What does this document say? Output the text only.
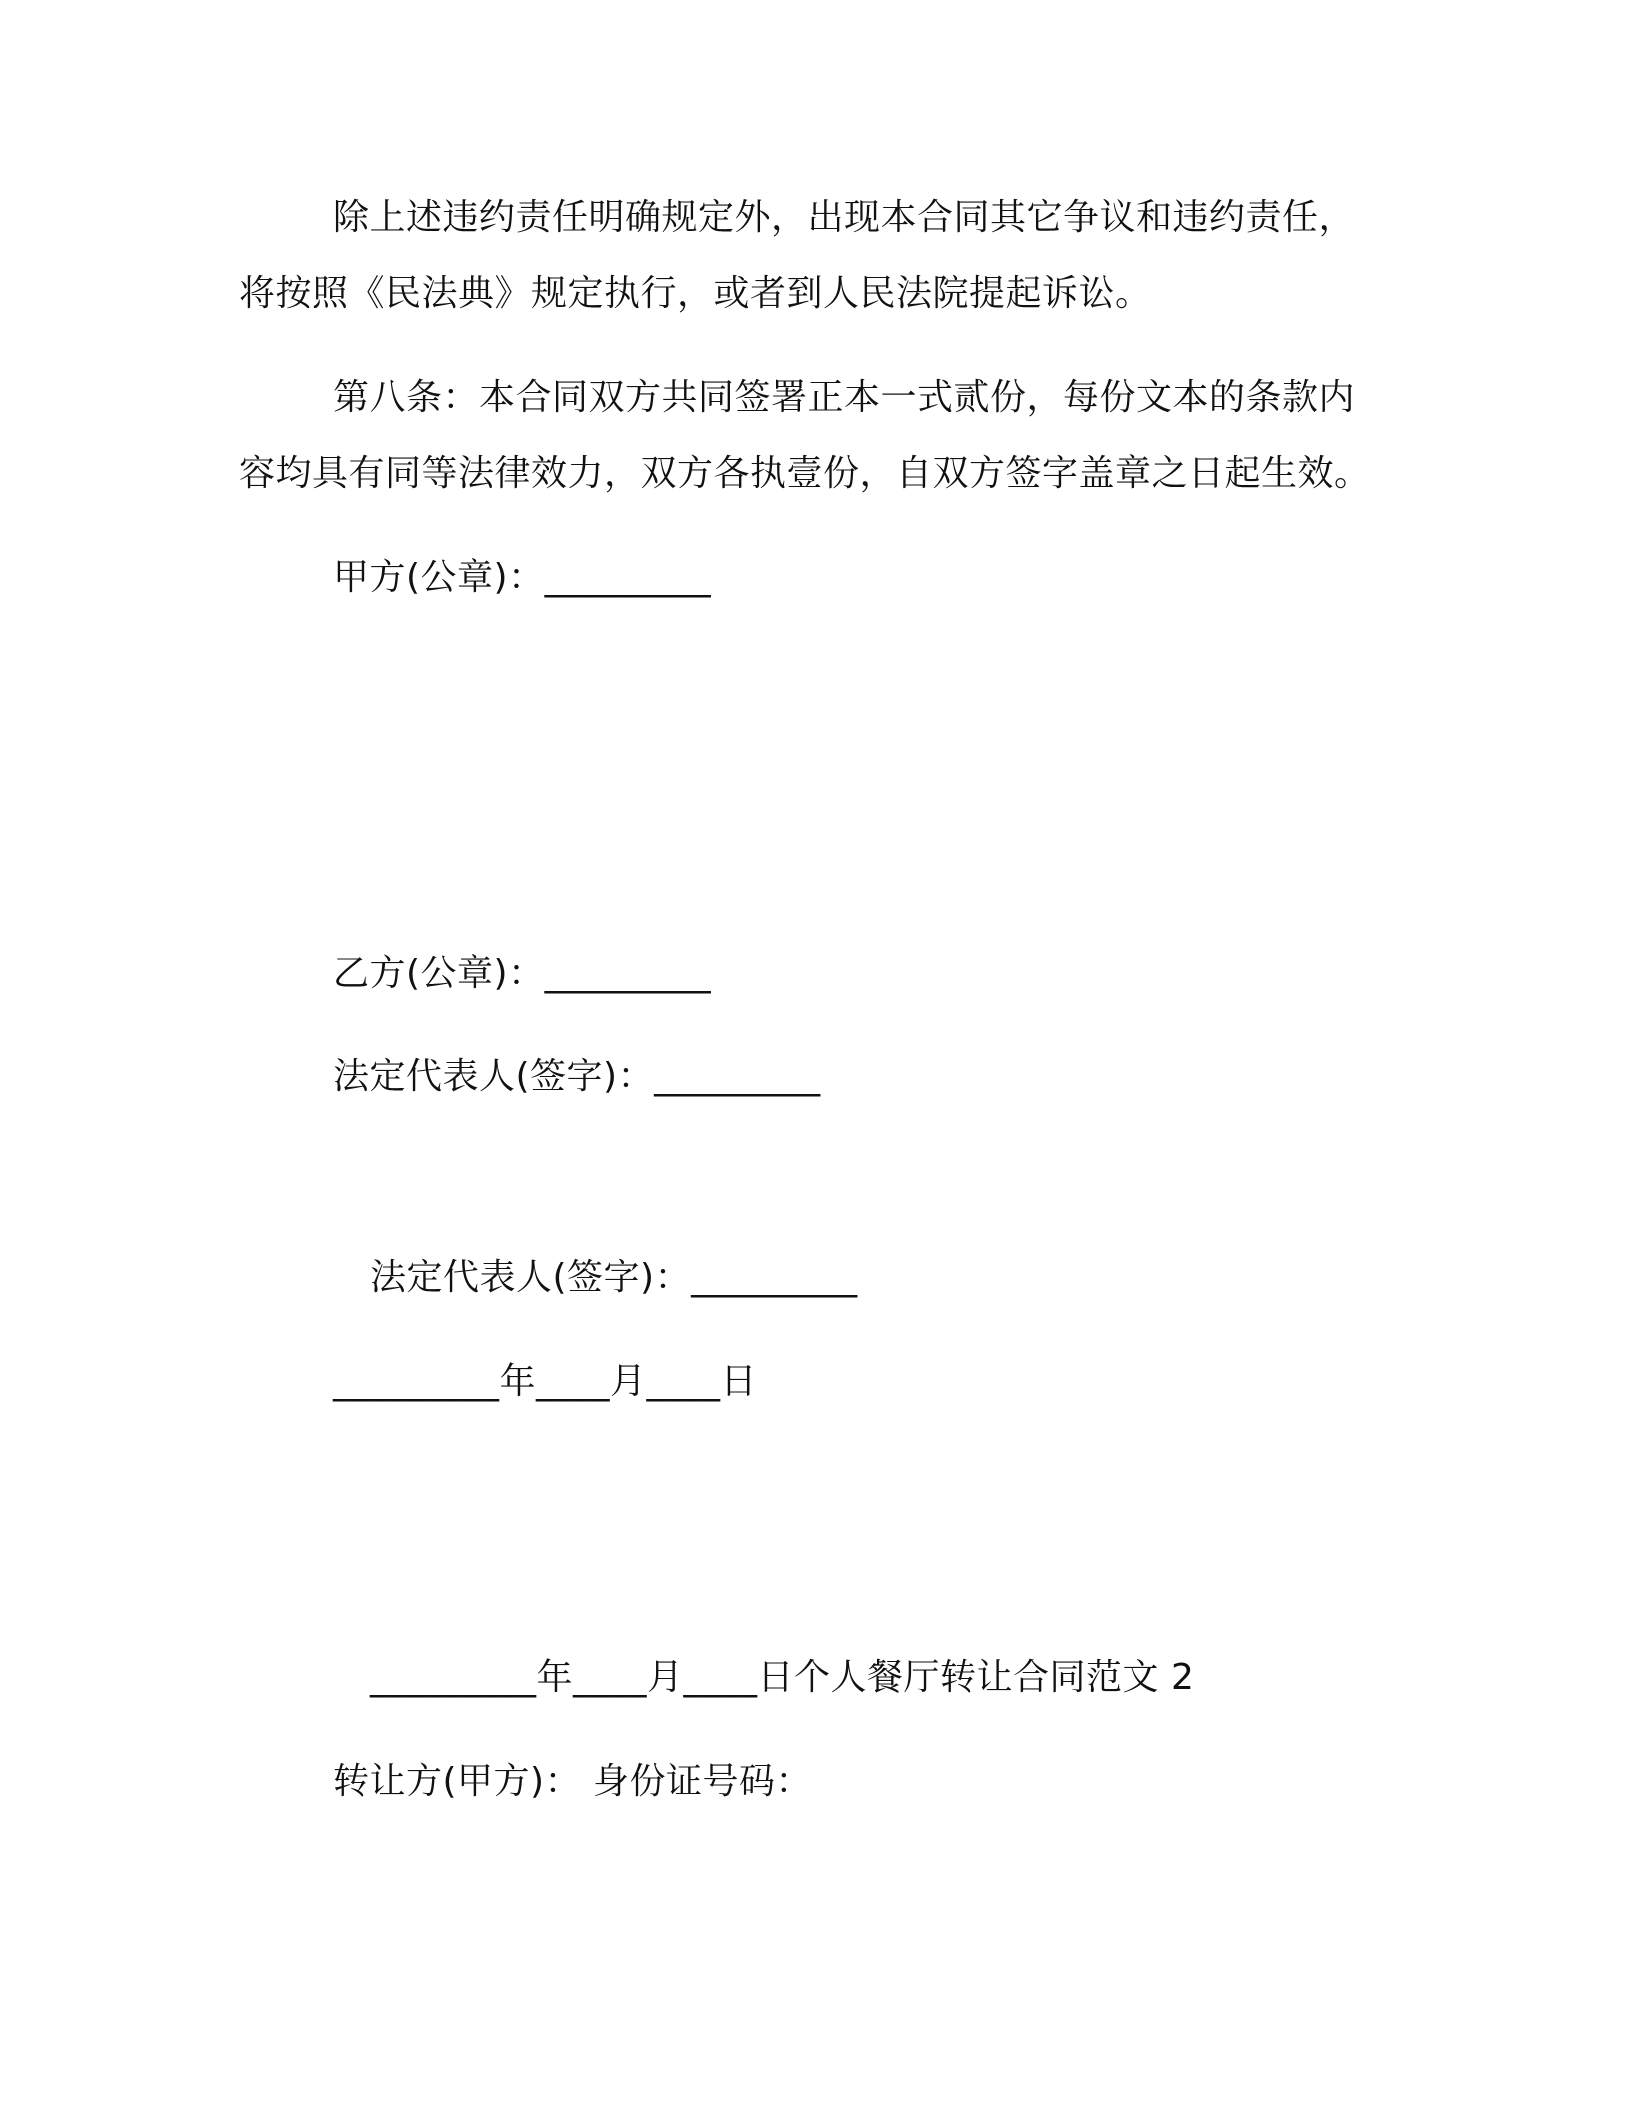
除上述违约责任明确规定外，出现本合同其它争议和违约责任，
将按照《民法典》规定执行，或者到人民法院提起诉讼。
第八条：本合同双方共同签署正本一式贰份，每份文本的条款内
容均具有同等法律效力，双方各执壹份，自双方签字盖章之日起生效。
甲方(公章)：_________
乙方(公章)：_________
法定代表人(签字)：_________
法定代表人(签字)：_________
_________年____月____日
_________年____月____日个人餐厅转让合同范文 2
转让方(甲方)： 身份证号码：
